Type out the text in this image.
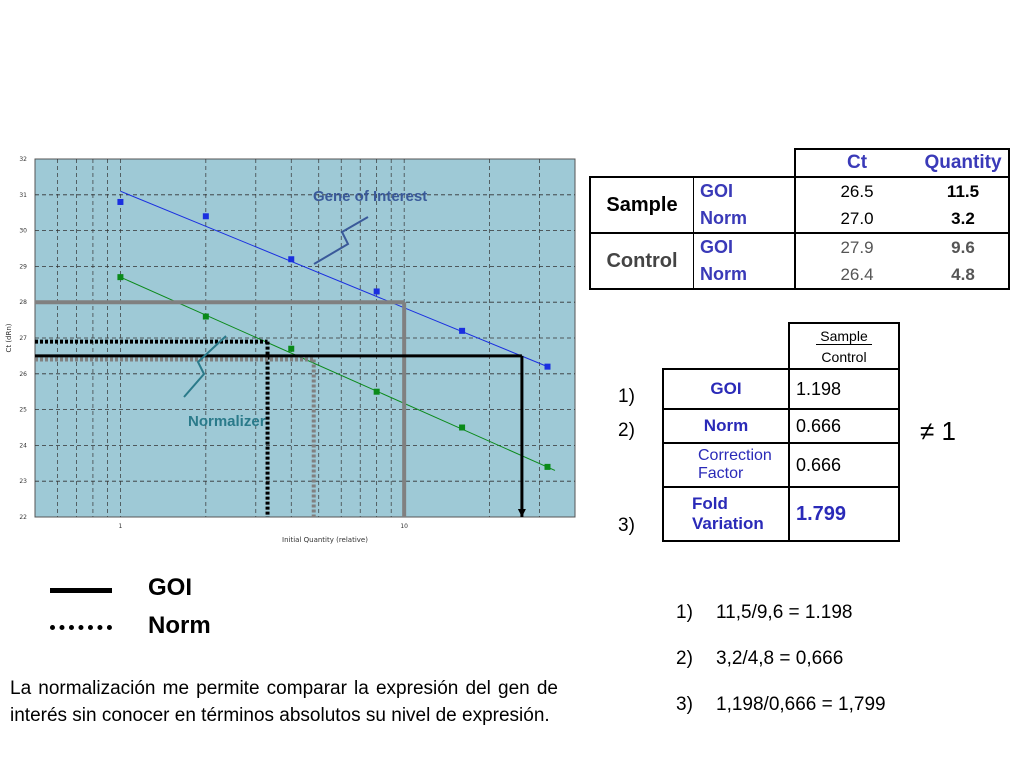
22
23
24
25
26
27
28
29
30
31
32
1	10
Initial Quantity (relative)
Ct (dRn)
Gene of Interest
Normalizer
GOI
Norm
La normalización me permite comparar la expresión del gen de interés sin conocer en términos absolutos su nivel de expresión.
		Ct	Quantity
Sample	GOI	26.5	11.5
	Norm	27.0	3.2
Control	GOI	27.9	9.6
	Norm	26.4	4.8
	Sample
Control

GOI	1.198
Norm	0.666
Correction Factor	0.666
Fold Variation	1.799
1)
2)
3)
≠ 1
1) 11,5/9,6 = 1.198
2) 3,2/4,8 = 0,666
3) 1,198/0,666 = 1,799
